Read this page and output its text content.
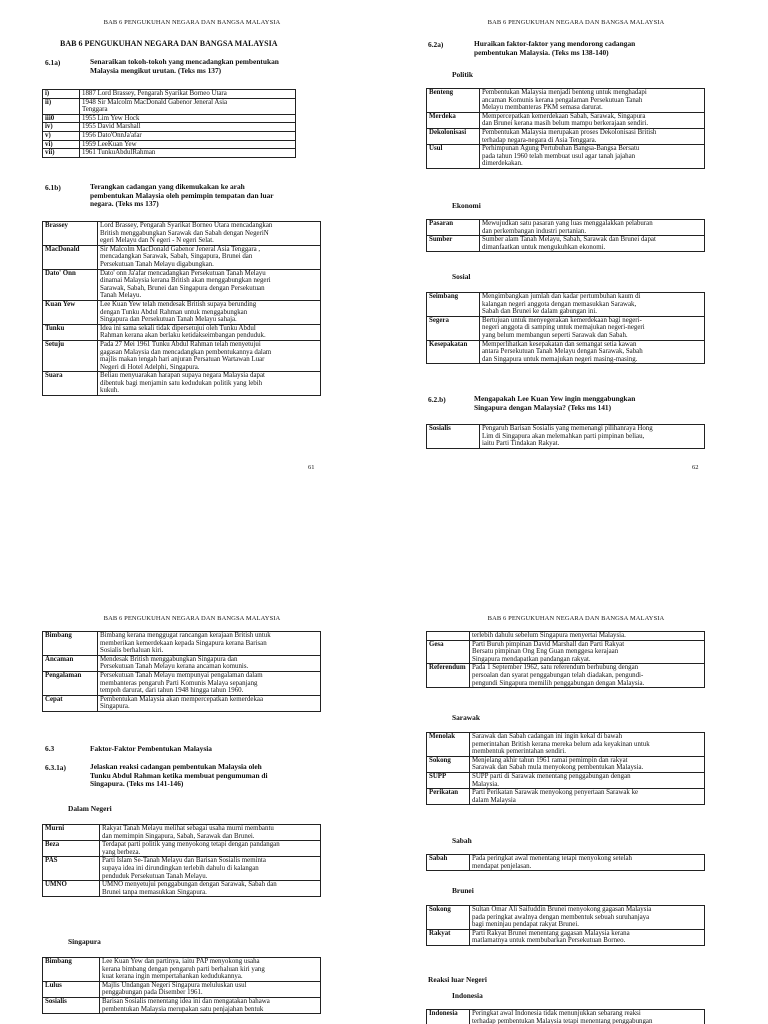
BAB 6 PENGUKUHAN NEGARA DAN BANGSA MALAYSIA
BAB 6 PENGUKUHAN NEGARA DAN BANGSA MALAYSIA
6.1a)	Senaraikan tokoh-tokoh yang mencadangkan pembentukan
Malaysia mengikut urutan. (Teks ms 137)
i)	1887 Lord Brassey, Pengarah Syarikat Borneo Utara

ii)	1948 Sir Malcolm MacDonald Gabenor Jeneral Asia
Tenggara

iii0	1955 Lim Yew Hock

iv)	1955 David Marshall

v)	1956 Dato'OnnJa'afar

vi)	1959 LeeKuan Yew

vii)	1961 TunkuAbdulRahman
6.1b)	Terangkan cadangan yang dikemukakan ke arah
pembentukan Malaysia oleh pemimpin tempatan dan luar
negara. (Teks ms 137)
Brassey	Lord Brassey, Pengarah Syarikat Borneo Utara mencadangkan
British menggabungkan Sarawak dan Sabah dengan NegeriN
egeri Melayu dan N egeri - N egeri Selat.

MacDonald	Sir Malcolm MacDonald Gabenor Jeneral Asia Tenggara ,
mencadangkan Sarawak, Sabah, Singapura, Brunei dan
Persekutuan Tanah Melayu digabungkan.

Dato' Onn	Dato' onn Ja'afar mencadangkan Persekutuan Tanah Melayu
dinamai Malaysia kerana British akan menggabungkan negeri
Sarawak, Sabah, Brunei dan Singapura dengan Persekutuan
Tanah Melayu.

Kuan Yew	Lee Kuan Yew telah mendesak British supaya berunding
dengan Tunku Abdul Rahman untuk menggabungkan
Singapura dan Persekutuan Tanah Melayu sahaja.

Tunku	Idea ini sama sekali tidak dipersetujui oleh Tunku Abdul
Rahman kerana akan berlaku ketidakseimbangan penduduk.

Setuju	Pada 27 Mei 1961 Tunku Abdul Rahman telah menyetujui
gagasan Malaysia dan mencadangkan pembentukannya dalam
majlis makan tengah hari anjuran Persatuan Wartawan Luar
Negeri di Hotel Adelphi, Singapura.

Suara	Beliau menyuarakan harapan supaya negara Malaysia dapat
dibentuk bagi menjamin satu kedudukan politik yang lebih
kukuh.
61
BAB 6 PENGUKUHAN NEGARA DAN BANGSA MALAYSIA
6.2a)	Huraikan faktor-faktor yang mendorong cadangan
pembentukan Malaysia. (Teks ms 138-140)
Politik
Benteng	Pembentukan Malaysia menjadi benteng untuk menghadapi
ancaman Komunis kerana pengalaman Persekutuan Tanah
Melayu membanteras PKM semasa darurat.

Merdeka	Mempercepatkan kemerdekaan Sabah, Sarawak, Singapura
dan Brunei kerana masih belum mampu berkerajaan sendiri.

Dekolonisasi	Pembentukan Malaysia merupakan proses Dekolonisasi British
terhadap negara-negara di Asia Tenggara.

Usul	Perhimpunan Agung Pertubuhan Bangsa-Bangsa Bersatu
pada tahun 1960 telah membuat usul agar tanah jajahan
dimerdekakan.
Ekonomi
Pasaran	Mewujudkan satu pasaran yang luas menggalakkan pelaburan
dan perkembangan industri pertanian.

Sumber	Sumber alam Tanah Melayu, Sabah, Sarawak dan Brunei dapat
dimanfaatkan untuk mengukuhkan ekonomi.
Sosial
Seimbang	Mengimbangkan jumlah dan kadar pertumbuhan kaum di
kalangan negeri anggota dengan memasukkan Sarawak,
Sabah dan Brunei ke dalam gabungan ini.

Segera	Bertujuan untuk menyegerakan kemerdekaan bagi negeri-
negeri anggota di samping untuk memajukan negeri-negeri
yang belum membangun seperti Sarawak dan Sabah.

Kesepakatan	Memperlihatkan kesepakatan dan semangat setia kawan
antara Persekutuan Tanah Melayu dengan Sarawak, Sabah
dan Singapura untuk memajukan negeri masing-masing.
6.2.b)	Mengapakah Lee Kuan Yew ingin menggabungkan
Singapura dengan Malaysia? (Teks ms 141)
Sosialis	Pengaruh Barisan Sosialis yang memenangi pilihanraya Hong
Lim di Singapura akan melemahkan parti pimpinan beliau,
iaitu Parti Tindakan Rakyat.
62
BAB 6 PENGUKUHAN NEGARA DAN BANGSA MALAYSIA
Bimbang	Bimbang kerana menggugat rancangan kerajaan British untuk
memberikan kemerdekaan kepada Singapura kerana Barisan
Sosialis berhaluan kiri.

Ancaman	Mendesak British menggabungkan Singapura dan
Persekutuan Tanah Melayu kerana ancaman komunis.

Pengalaman	Persekutuan Tanah Melayu mempunyai pengalaman dalam
membanteras pengaruh Parti Komunis Malaya sepanjang
tempoh darurat, dari tahun 1948 hingga tahun 1960.

Cepat	Pembentukan Malaysia akan mempercepatkan kemerdekaa
Singapura.
6.3	Faktor-Faktor Pembentukan Malaysia
6.3.1a)	Jelaskan reaksi cadangan pembentukan Malaysia oleh
Tunku Abdul Rahman ketika membuat pengumuman di
Singapura. (Teks ms 141-146)
Dalam Negeri
Murni	Rakyat Tanah Melayu melihat sebagai usaha murni membantu
dan memimpin Singapura, Sabah, Sarawak dan Brunei.

Beza	Terdapat parti politik yang menyokong tetapi dengan pandangan
yang berbeza.

PAS	Parti Islam Se-Tanah Melayu dan Barisan Sosialis meminta
supaya idea ini dirundingkan terlebih dahulu di kalangan
penduduk Persekutuan Tanah Melayu.

UMNO	UMNO menyetujui penggabungan dengan Sarawak, Sabah dan
Brunei tanpa memasukkan Singapura.
Singapura
Bimbang	Lee Kuan Yew dan partinya, iaitu PAP menyokong usaha
kerana bimbang dengan pengaruh parti berhaluan kiri yang
kuat kerana ingin mempertahankan kedudukannya.

Lulus	Majlis Undangan Negeri Singapura meluluskan usul
penggabungan pada Disember 1961.

Sosialis	Barisan Sosialis menentang idea ini dan mengatakan bahawa
pembentukan Malaysia merupakan satu penjajahan bentuk
BAB 6 PENGUKUHAN NEGARA DAN BANGSA MALAYSIA

	terlebih dahulu sebelum Singapura menyertai Malaysia.

Gesa	Parti Buruh pimpinan David Marshall dan Parti Rakyat
Bersatu pimpinan Ong Eng Guan menggesa kerajaan
Singapura mendapatkan pandangan rakyat.

Referendum	Pada 1 September 1962, satu referendum berhubung dengan
persoalan dan syarat penggabungan telah diadakan, pengundi-
pengundi Singapura memilih penggabungan dengan Malaysia.
Sarawak
Menolak	Sarawak dan Sabah cadangan ini ingin kekal di bawah
pemerintahan British kerana mereka belum ada keyakinan untuk
membentuk pemerintahan sendiri.

Sokong	Menjelang akhir tahun 1961 ramai pemimpin dan rakyat
Sarawak dan Sabah mula menyokong pembentukan Malaysia.

SUPP	SUPP parti di Sarawak menentang penggabungan dengan
Malaysia.

Perikatan	Parti Perikatan Sarawak menyokong penyertaan Sarawak ke
dalam Malaysia
Sabah
Sabah	Pada peringkat awal menentang tetapi menyokong setelah
mendapat penjelasan.
Brunei
Sokong	Sultan Omar Ali Saifuddin Brunei menyokong gagasan Malaysia
pada peringkat awalnya dengan membentuk sebuah suruhanjaya
bagi meninjau pendapat rakyat Brunei.

Rakyat	Parti Rakyat Brunei menentang gagasan Malaysia kerana
matlamatnya untuk membubarkan Persekutuan Borneo.
Reaksi luar Negeri
Indonesia
Indonesia	Peringkat awal Indonesia tidak menunjukkan sebarang reaksi
terhadap pembentukan Malaysia tetapi menentang penggabungan
